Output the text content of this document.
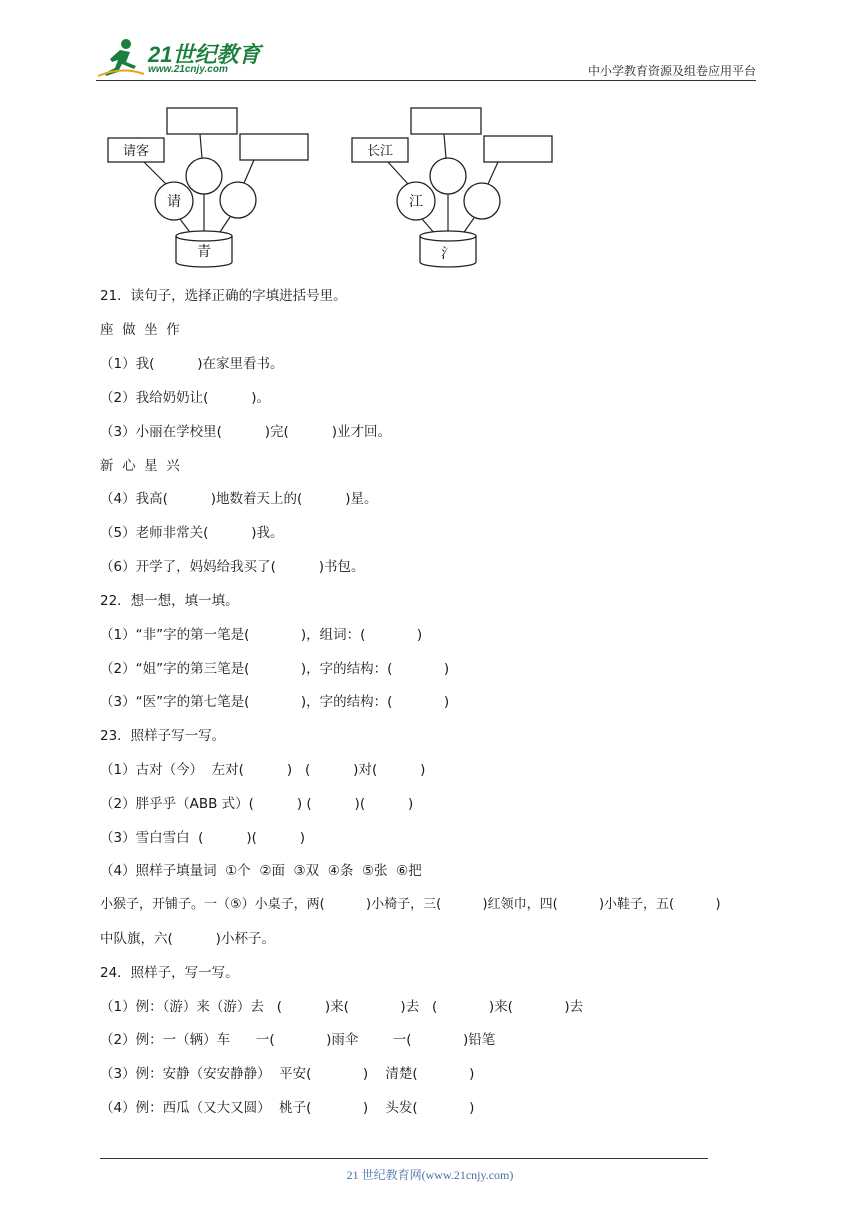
21世纪教育
www.21cnjy.com	中小学教育资源及组卷应用平台
请客
请
青
长江
江
氵
21．读句子，选择正确的字填进括号里。
座  做  坐  作
（1）我(          )在家里看书。
（2）我给奶奶让(          )。
（3）小丽在学校里(          )完(          )业才回。
新  心  星  兴
（4）我高(          )地数着天上的(          )星。
（5）老师非常关(          )我。
（6）开学了，妈妈给我买了(          )书包。
22．想一想，填一填。
（1）“非”字的第一笔是(            )，组词：(            )
（2）“姐”字的第三笔是(            )，字的结构：(            )
（3）“医”字的第七笔是(            )，字的结构：(            )
23．照样子写一写。
（1）古对（今）  左对(          )   (          )对(          )
（2）胖乎乎（ABB 式）(          ) (          )(          )
（3）雪白雪白  (          )(          )
（4）照样子填量词  ①个  ②面  ③双  ④条  ⑤张  ⑥把
小猴子，开铺子。一（⑤）小桌子，两(          )小椅子，三(          )红领巾，四(          )小鞋子，五(          )
中队旗，六(          )小杯子。
24．照样子，写一写。
（1）例：（游）来（游）去   (          )来(            )去   (            )来(            )去
（2）例：一（辆）车      一(            )雨伞        一(            )铅笔
（3）例：安静（安安静静）  平安(            )    清楚(            )
（4）例：西瓜（又大又圆）  桃子(            )    头发(            )
21 世纪教育网(www.21cnjy.com)
